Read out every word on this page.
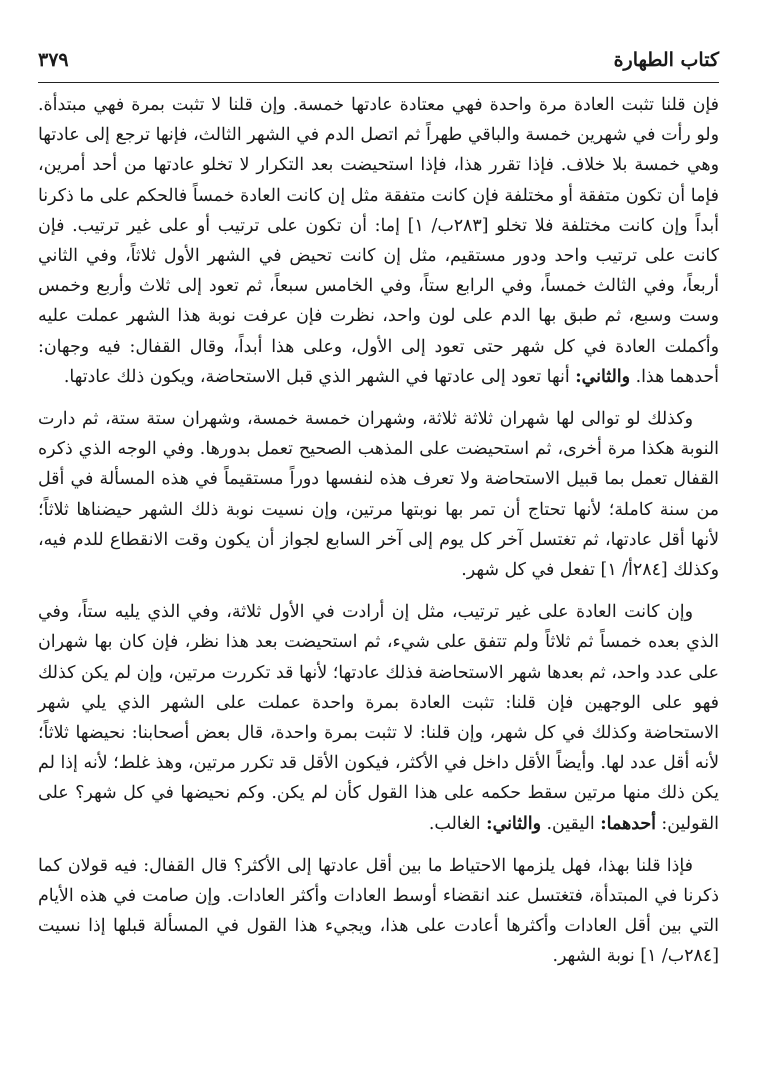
كتاب الطهارة
٣٧٩

فإن قلنا تثبت العادة مرة واحدة فهي معتادة عادتها خمسة. وإن قلنا لا تثبت بمرة فهي مبتدأة. ولو رأت في شهرين خمسة والباقي طهراً ثم اتصل الدم في الشهر الثالث، فإنها ترجع إلى عادتها وهي خمسة بلا خلاف. فإذا تقرر هذا، فإذا استحيضت بعد التكرار لا تخلو عادتها من أحد أمرين، فإما أن تكون متفقة أو مختلفة فإن كانت متفقة مثل إن كانت العادة خمساً فالحكم على ما ذكرنا أبداً وإن كانت مختلفة فلا تخلو [٢٨٣ب/ ١] إما: أن تكون على ترتيب أو على غير ترتيب. فإن كانت على ترتيب واحد ودور مستقيم، مثل إن كانت تحيض في الشهر الأول ثلاثاً، وفي الثاني أربعاً، وفي الثالث خمساً، وفي الرابع ستاً، وفي الخامس سبعاً، ثم تعود إلى ثلاث وأربع وخمس وست وسبع، ثم طبق بها الدم على لون واحد، نظرت فإن عرفت نوبة هذا الشهر عملت عليه وأكملت العادة في كل شهر حتى تعود إلى الأول، وعلى هذا أبداً، وقال القفال: فيه وجهان: أحدهما هذا. والثاني: أنها تعود إلى عادتها في الشهر الذي قبل الاستحاضة، ويكون ذلك عادتها.

وكذلك لو توالى لها شهران ثلاثة ثلاثة، وشهران خمسة خمسة، وشهران ستة ستة، ثم دارت النوبة هكذا مرة أخرى، ثم استحيضت على المذهب الصحيح تعمل بدورها. وفي الوجه الذي ذكره القفال تعمل بما قبيل الاستحاضة ولا تعرف هذه لنفسها دوراً مستقيماً في هذه المسألة في أقل من سنة كاملة؛ لأنها تحتاج أن تمر بها نوبتها مرتين، وإن نسيت نوبة ذلك الشهر حيضناها ثلاثاً؛ لأنها أقل عادتها، ثم تغتسل آخر كل يوم إلى آخر السابع لجواز أن يكون وقت الانقطاع للدم فيه، وكذلك [٢٨٤أ/ ١] تفعل في كل شهر.

وإن كانت العادة على غير ترتيب، مثل إن أرادت في الأول ثلاثة، وفي الذي يليه ستاً، وفي الذي بعده خمساً ثم ثلاثاً ولم تتفق على شيء، ثم استحيضت بعد هذا نظر، فإن كان بها شهران على عدد واحد، ثم بعدها شهر الاستحاضة فذلك عادتها؛ لأنها قد تكررت مرتين، وإن لم يكن كذلك فهو على الوجهين فإن قلنا: تثبت العادة بمرة واحدة عملت على الشهر الذي يلي شهر الاستحاضة وكذلك في كل شهر، وإن قلنا: لا تثبت بمرة واحدة، قال بعض أصحابنا: نحيضها ثلاثاً؛ لأنه أقل عدد لها. وأيضاً الأقل داخل في الأكثر، فيكون الأقل قد تكرر مرتين، وهذ غلط؛ لأنه إذا لم يكن ذلك منها مرتين سقط حكمه على هذا القول كأن لم يكن. وكم نحيضها في كل شهر؟ على القولين: أحدهما: اليقين. والثاني: الغالب.

فإذا قلنا بهذا، فهل يلزمها الاحتياط ما بين أقل عادتها إلى الأكثر؟ قال القفال: فيه قولان كما ذكرنا في المبتدأة، فتغتسل عند انقضاء أوسط العادات وأكثر العادات. وإن صامت في هذه الأيام التي بين أقل العادات وأكثرها أعادت على هذا، ويجيء هذا القول في المسألة قبلها إذا نسيت [٢٨٤ب/ ١] نوبة الشهر.
